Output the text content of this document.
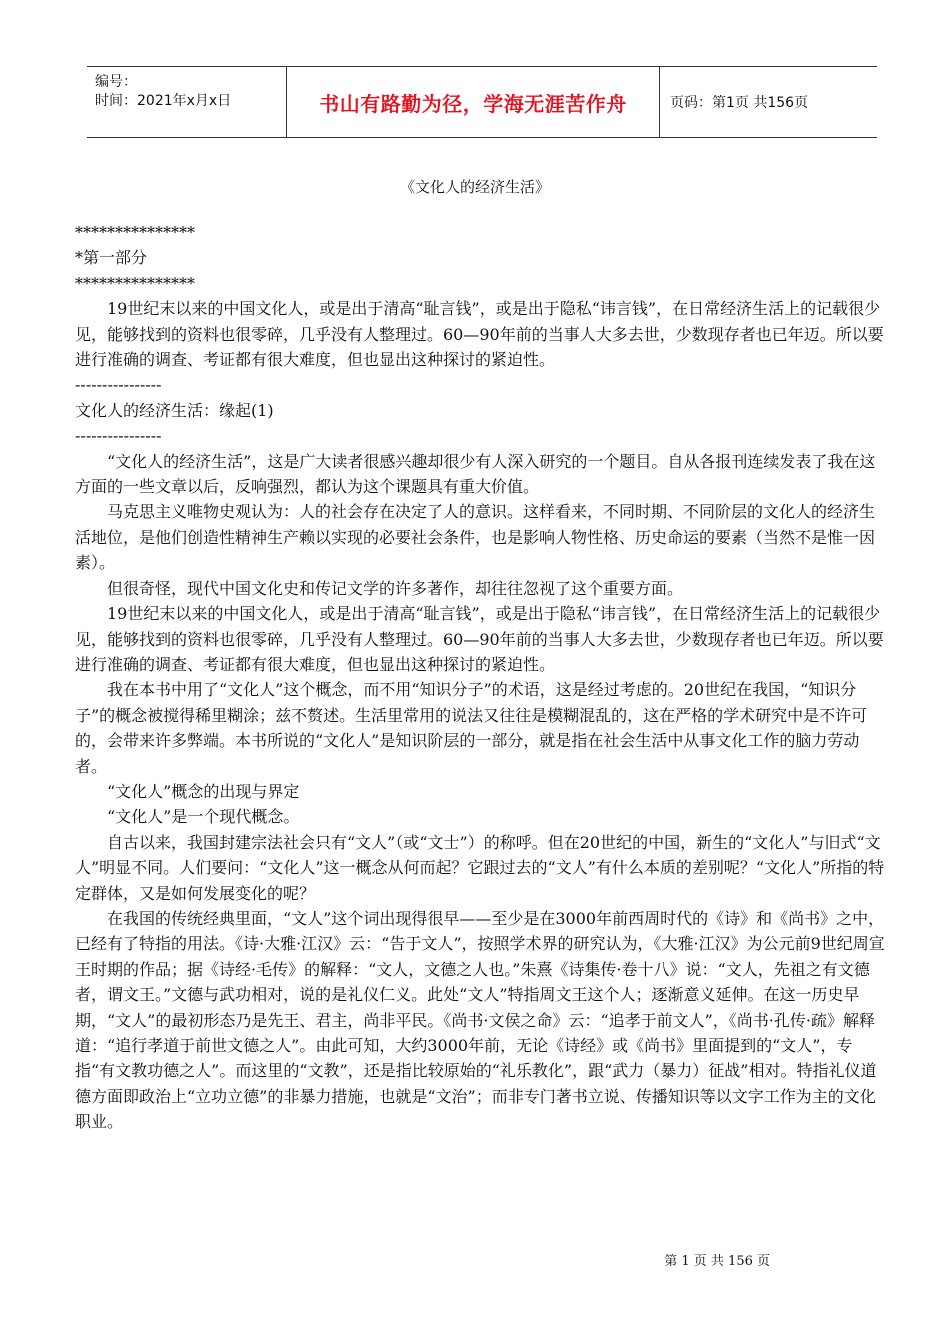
编号：
时间：2021年x月x日	书山有路勤为径，学海无涯苦作舟	页码：第1页 共156页
《文化人的经济生活》

***************

*第一部分

***************

19世纪末以来的中国文化人，或是出于清高“耻言钱”，或是出于隐私“讳言钱”，在日常经济生活上的记载很少见，能够找到的资料也很零碎，几乎没有人整理过。60—90年前的当事人大多去世，少数现存者也已年迈。所以要进行准确的调查、考证都有很大难度，但也显出这种探讨的紧迫性。

----------------

文化人的经济生活：缘起(1)

----------------

“文化人的经济生活”，这是广大读者很感兴趣却很少有人深入研究的一个题目。自从各报刊连续发表了我在这方面的一些文章以后，反响强烈，都认为这个课题具有重大价值。

马克思主义唯物史观认为：人的社会存在决定了人的意识。这样看来，不同时期、不同阶层的文化人的经济生活地位，是他们创造性精神生产赖以实现的必要社会条件，也是影响人物性格、历史命运的要素（当然不是惟一因素）。

但很奇怪，现代中国文化史和传记文学的许多著作，却往往忽视了这个重要方面。

19世纪末以来的中国文化人，或是出于清高“耻言钱”，或是出于隐私“讳言钱”，在日常经济生活上的记载很少见，能够找到的资料也很零碎，几乎没有人整理过。60—90年前的当事人大多去世，少数现存者也已年迈。所以要进行准确的调查、考证都有很大难度，但也显出这种探讨的紧迫性。

我在本书中用了“文化人”这个概念，而不用“知识分子”的术语，这是经过考虑的。20世纪在我国，“知识分子”的概念被搅得稀里糊涂；兹不赘述。生活里常用的说法又往往是模糊混乱的，这在严格的学术研究中是不许可的，会带来许多弊端。本书所说的“文化人”是知识阶层的一部分，就是指在社会生活中从事文化工作的脑力劳动者。

“文化人”概念的出现与界定

“文化人”是一个现代概念。

自古以来，我国封建宗法社会只有“文人”（或“文士”）的称呼。但在20世纪的中国，新生的“文化人”与旧式“文人”明显不同。人们要问：“文化人”这一概念从何而起？它跟过去的“文人”有什么本质的差别呢？“文化人”所指的特定群体，又是如何发展变化的呢？

在我国的传统经典里面，“文人”这个词出现得很早——至少是在3000年前西周时代的《诗》和《尚书》之中，已经有了特指的用法。《诗·大雅·江汉》云：“告于文人”，按照学术界的研究认为，《大雅·江汉》为公元前9世纪周宣王时期的作品；据《诗经·毛传》的解释：“文人，文德之人也。”朱熹《诗集传·卷十八》说：“文人，先祖之有文德者，谓文王。”文德与武功相对，说的是礼仪仁义。此处“文人”特指周文王这个人；逐渐意义延伸。在这一历史早期，“文人”的最初形态乃是先王、君主，尚非平民。《尚书·文侯之命》云：“追孝于前文人”，《尚书·孔传·疏》解释道：“追行孝道于前世文德之人”。由此可知，大约3000年前，无论《诗经》或《尚书》里面提到的“文人”，专指“有文教功德之人”。而这里的“文教”，还是指比较原始的“礼乐教化”，跟“武力（暴力）征战”相对。特指礼仪道德方面即政治上“立功立德”的非暴力措施，也就是“文治”；而非专门著书立说、传播知识等以文字工作为主的文化职业。

第 1 页 共 156 页
